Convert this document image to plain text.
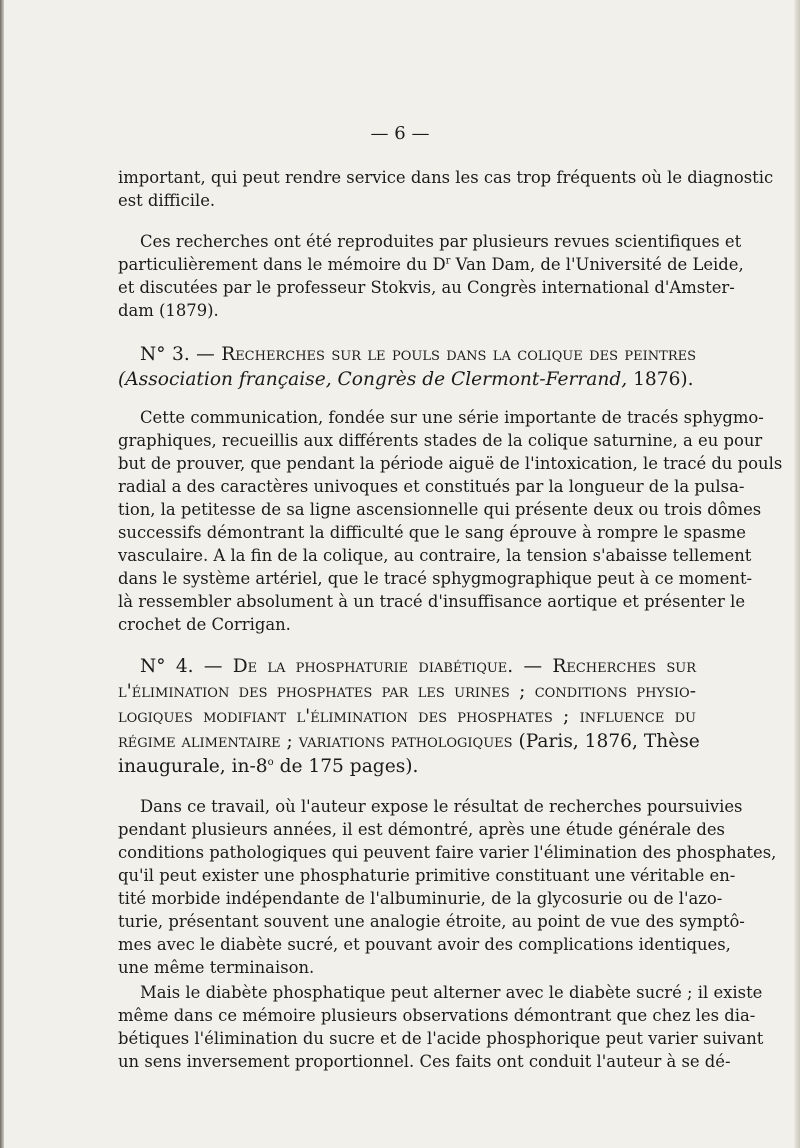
— 6 —
important, qui peut rendre service dans les cas trop fréquents où le diagnostic
est difficile.
Ces recherches ont été reproduites par plusieurs revues scientifiques et
particulièrement dans le mémoire du $D^r$ Van Dam, de l'Université de Leide,
et discutées par le professeur Stokvis, au Congrès international d'Amster-
dam (1879).
N° 3. — Recherches sur le pouls dans la colique des peintres
(Association française, Congrès de Clermont-Ferrand, 1876).
Cette communication, fondée sur une série importante de tracés sphygmo-
graphiques, recueillis aux différents stades de la colique saturnine, a eu pour
but de prouver, que pendant la période aiguë de l'intoxication, le tracé du pouls
radial a des caractères univoques et constitués par la longueur de la pulsa-
tion, la petitesse de sa ligne ascensionnelle qui présente deux ou trois dômes
successifs démontrant la difficulté que le sang éprouve à rompre le spasme
vasculaire. A la fin de la colique, au contraire, la tension s'abaisse tellement
dans le système artériel, que le tracé sphygmographique peut à ce moment-
là ressembler absolument à un tracé d'insuffisance aortique et présenter le
crochet de Corrigan.
N° 4. — De la phosphaturie diabétique. — Recherches sur
l'élimination des phosphates par les urines ; conditions physio-
logiques modifiant l'élimination des phosphates ; influence du
régime alimentaire ; variations pathologiques (Paris, 1876, Thèse
inaugurale, in-8$^o$ de 175 pages).
Dans ce travail, où l'auteur expose le résultat de recherches poursuivies
pendant plusieurs années, il est démontré, après une étude générale des
conditions pathologiques qui peuvent faire varier l'élimination des phosphates,
qu'il peut exister une phosphaturie primitive constituant une véritable en-
tité morbide indépendante de l'albuminurie, de la glycosurie ou de l'azo-
turie, présentant souvent une analogie étroite, au point de vue des symptô-
mes avec le diabète sucré, et pouvant avoir des complications identiques,
une même terminaison.
Mais le diabète phosphatique peut alterner avec le diabète sucré ; il existe
même dans ce mémoire plusieurs observations démontrant que chez les dia-
bétiques l'élimination du sucre et de l'acide phosphorique peut varier suivant
un sens inversement proportionnel. Ces faits ont conduit l'auteur à se dé-
